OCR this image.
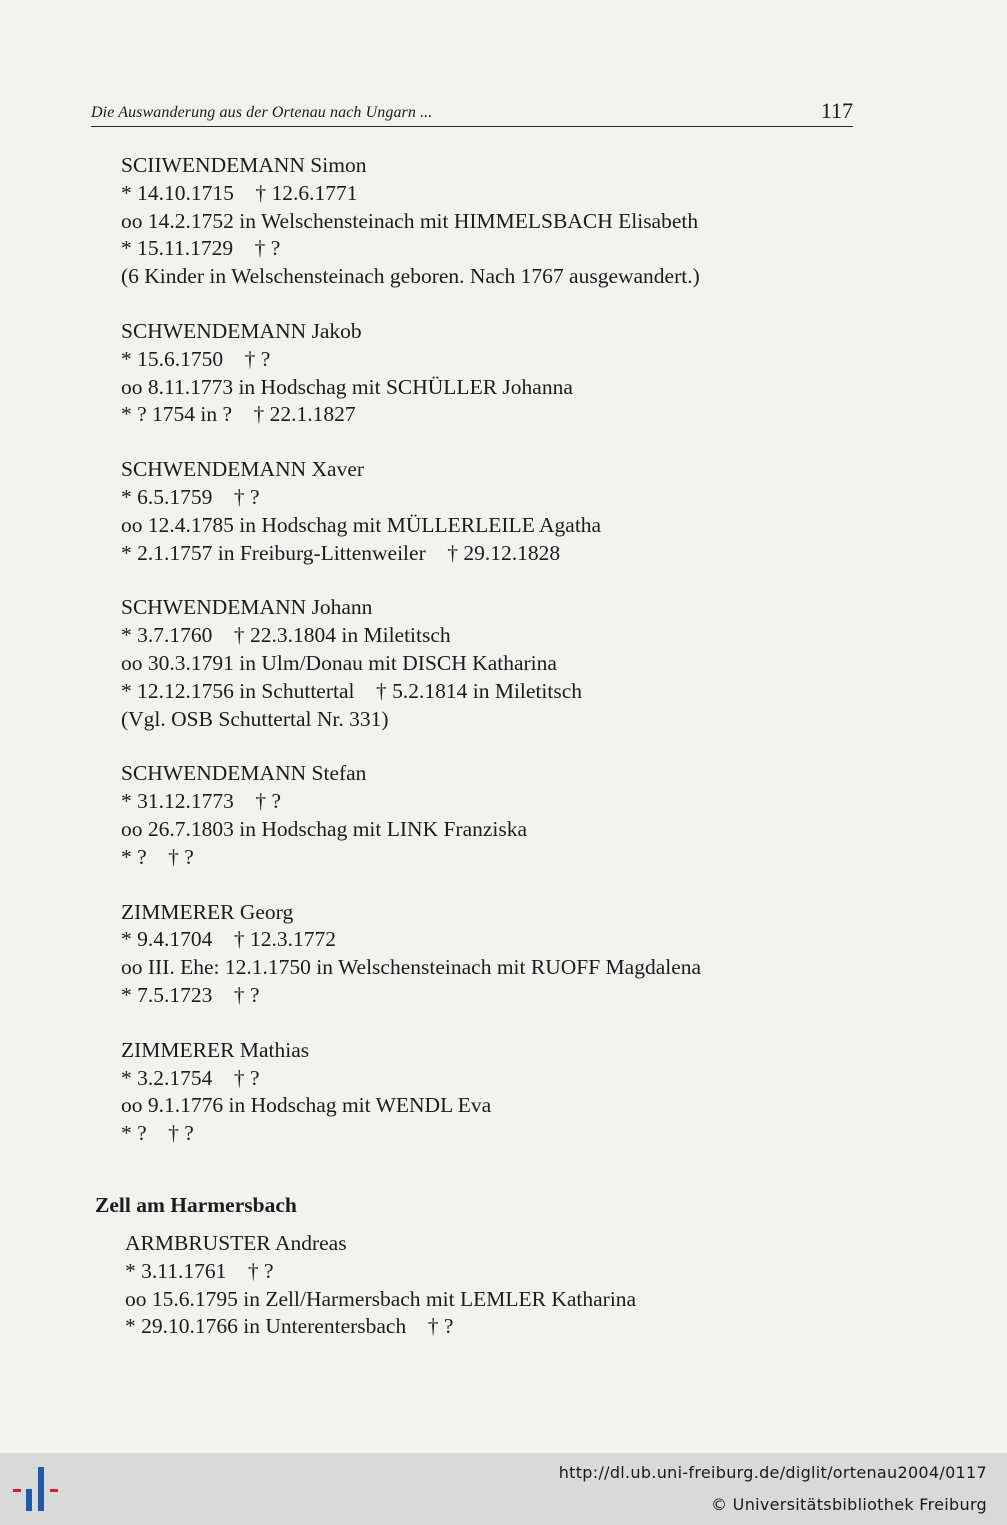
Die Auswanderung aus der Ortenau nach Ungarn ...	117
SCIIWENDEMANN Simon
* 14.10.1715    † 12.6.1771
oo 14.2.1752 in Welschensteinach mit HIMMELSBACH Elisabeth
* 15.11.1729    † ?
(6 Kinder in Welschensteinach geboren. Nach 1767 ausgewandert.)
SCHWENDEMANN Jakob
* 15.6.1750    † ?
oo 8.11.1773 in Hodschag mit SCHÜLLER Johanna
* ? 1754 in ?    † 22.1.1827
SCHWENDEMANN Xaver
* 6.5.1759    † ?
oo 12.4.1785 in Hodschag mit MÜLLERLEILE Agatha
* 2.1.1757 in Freiburg-Littenweiler    † 29.12.1828
SCHWENDEMANN Johann
* 3.7.1760    † 22.3.1804 in Miletitsch
oo 30.3.1791 in Ulm/Donau mit DISCH Katharina
* 12.12.1756 in Schuttertal    † 5.2.1814 in Miletitsch
(Vgl. OSB Schuttertal Nr. 331)
SCHWENDEMANN Stefan
* 31.12.1773    † ?
oo 26.7.1803 in Hodschag mit LINK Franziska
* ?    † ?
ZIMMERER Georg
* 9.4.1704    † 12.3.1772
oo III. Ehe: 12.1.1750 in Welschensteinach mit RUOFF Magdalena
* 7.5.1723    † ?
ZIMMERER Mathias
* 3.2.1754    † ?
oo 9.1.1776 in Hodschag mit WENDL Eva
* ?    † ?
Zell am Harmersbach
ARMBRUSTER Andreas
* 3.11.1761    † ?
oo 15.6.1795 in Zell/Harmersbach mit LEMLER Katharina
* 29.10.1766 in Unterentersbach    † ?
http://dl.ub.uni-freiburg.de/diglit/ortenau2004/0117
© Universitätsbibliothek Freiburg
